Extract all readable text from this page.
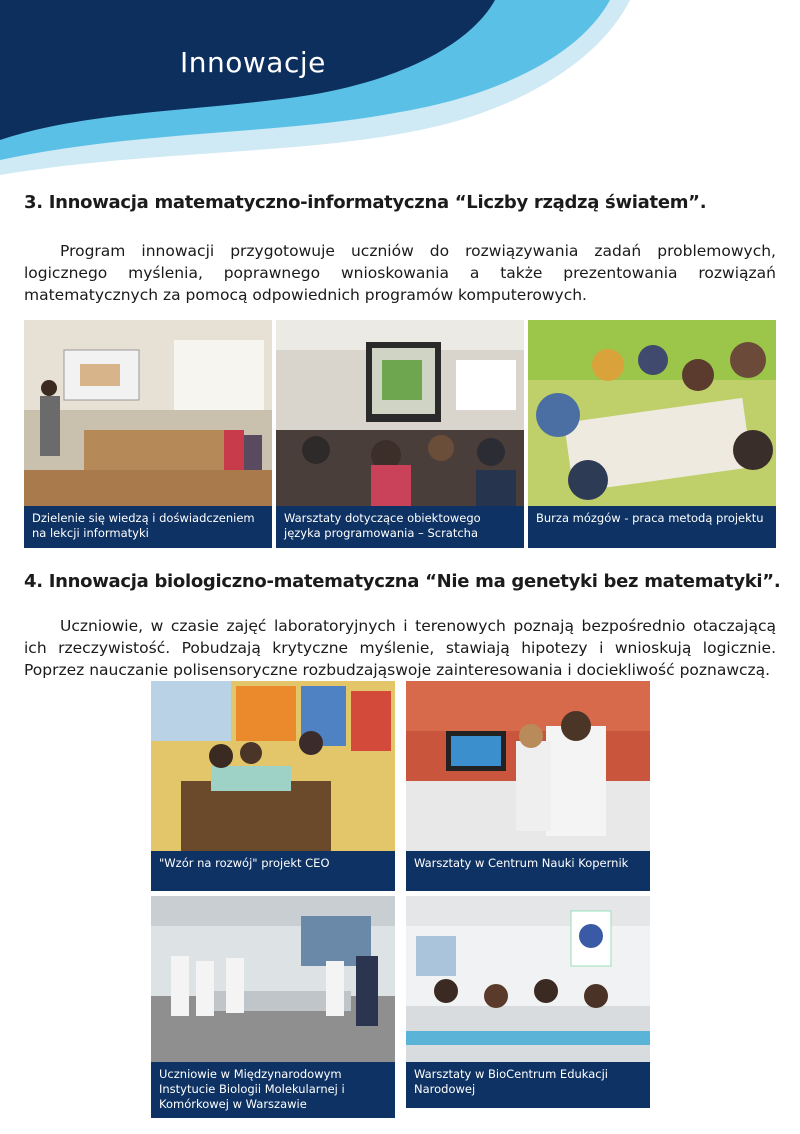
Innowacje
3. Innowacja matematyczno-informatyczna “Liczby rządzą światem”.
Program innowacji przygotowuje uczniów do rozwiązywania zadań problemowych, logicznego myślenia, poprawnego wnioskowania a także prezentowania rozwiązań matematycznych za pomocą odpowiednich programów komputerowych.
Dzielenie się wiedzą i doświadczeniem na lekcji informatyki
Warsztaty dotyczące obiektowego języka programowania – Scratcha
Burza mózgów - praca metodą projektu
4. Innowacja biologiczno-matematyczna “Nie ma genetyki bez matematyki”.
Uczniowie, w czasie zajęć laboratoryjnych i terenowych poznają bezpośrednio otaczającą ich rzeczywistość. Pobudzają krytyczne myślenie, stawiają hipotezy i wnioskują logicznie. Poprzez nauczanie polisensoryczne rozbudzająswoje zainteresowania i dociekliwość poznawczą.
"Wzór na rozwój" projekt CEO	Warsztaty w Centrum Nauki Kopernik
Uczniowie w Międzynarodowym Instytucie Biologii Molekularnej i Komórkowej w Warszawie
Warsztaty w BioCentrum Edukacji Narodowej
